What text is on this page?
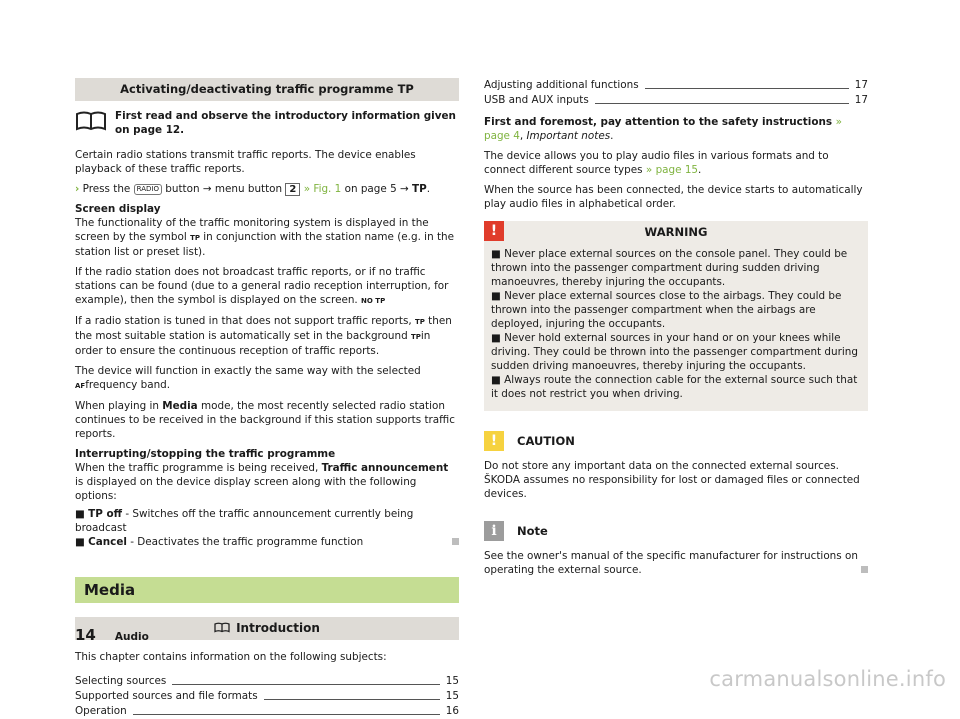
Activating/deactivating traffic programme TP
First read and observe the introductory information given on page 12.

Certain radio stations transmit traffic reports. The device enables playback of these traffic reports.

› Press the RADIO button → menu button 2 » Fig. 1 on page 5 → TP.

Screen display
The functionality of the traffic monitoring system is displayed in the screen by the symbol TP in conjunction with the station name (e.g. in the station list or preset list).

If the radio station does not broadcast traffic reports, or if no traffic stations can be found (due to a general radio reception interruption, for example), then the symbol is displayed on the screen. NO TP

If a radio station is tuned in that does not support traffic reports, TP then the most suitable station is automatically set in the background TPin order to ensure the continuous reception of traffic reports.

The device will function in exactly the same way with the selected AFfrequency band.

When playing in Media mode, the most recently selected radio station continues to be received in the background if this station supports traffic reports.

Interrupting/stopping the traffic programme
When the traffic programme is being received, Traffic announcement is displayed on the device display screen along with the following options:
■ TP off - Switches off the traffic announcement currently being broadcast
■ Cancel - Deactivates the traffic programme function
Media
Introduction

This chapter contains information on the following subjects:

Selecting sources	15
Supported sources and file formats	15
Operation	16
Adjusting additional functions	17
USB and AUX inputs	17

First and foremost, pay attention to the safety instructions » page 4, Important notes.

The device allows you to play audio files in various formats and to connect different source types » page 15.

When the source has been connected, the device starts to automatically play audio files in alphabetical order.

!	WARNING
■ Never place external sources on the console panel. They could be thrown into the passenger compartment during sudden driving manoeuvres, thereby injuring the occupants.
■ Never place external sources close to the airbags. They could be thrown into the passenger compartment when the airbags are deployed, injuring the occupants.
■ Never hold external sources in your hand or on your knees while driving. They could be thrown into the passenger compartment during sudden driving manoeuvres, thereby injuring the occupants.
■ Always route the connection cable for the external source such that it does not restrict you when driving.
!	CAUTION

Do not store any important data on the connected external sources. ŠKODA assumes no responsibility for lost or damaged files or connected devices.

i	Note

See the owner's manual of the specific manufacturer for instructions on operating the external source.

14 Audio
carmanualsonline.info
